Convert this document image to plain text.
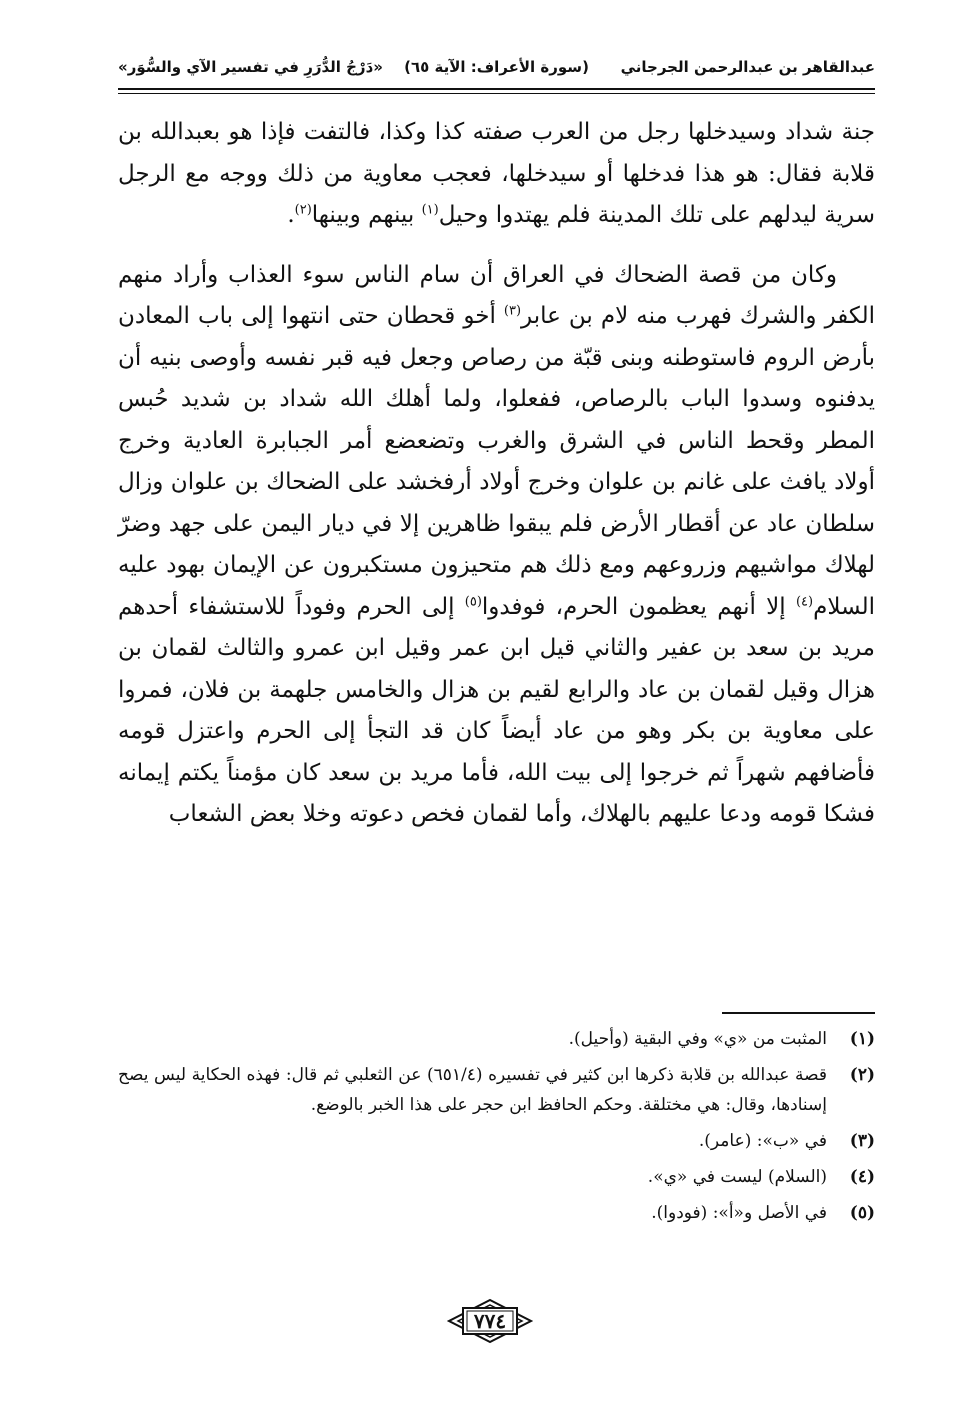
«دَرْجُ الدُّرَرِ في تفسير الآي والسُّوَر» (سورة الأعراف: الآية ٦٥) عبدالقاهر بن عبدالرحمن الجرجاني

جنة شداد وسيدخلها رجل من العرب صفته كذا وكذا، فالتفت فإذا هو بعبدالله بن قلابة فقال: هو هذا فدخلها أو سيدخلها، فعجب معاوية من ذلك ووجه مع الرجل سرية ليدلهم على تلك المدينة فلم يهتدوا وحيل$^{(١)}$ بينهم وبينها$^{(٢)}$.

وكان من قصة الضحاك في العراق أن سام الناس سوء العذاب وأراد منهم الكفر والشرك فهرب منه لام بن عابر$^{(٣)}$ أخو قحطان حتى انتهوا إلى باب المعادن بأرض الروم فاستوطنه وبنى قبّة من رصاص وجعل فيه قبر نفسه وأوصى بنيه أن يدفنوه وسدوا الباب بالرصاص، ففعلوا، ولما أهلك الله شداد بن شديد حُبس المطر وقحط الناس في الشرق والغرب وتضعضع أمر الجبابرة العادية وخرج أولاد يافث على غانم بن علوان وخرج أولاد أرفخشد على الضحاك بن علوان وزال سلطان عاد عن أقطار الأرض فلم يبقوا ظاهرين إلا في ديار اليمن على جهد وضرّ لهلاك مواشيهم وزروعهم ومع ذلك هم متحيزون مستكبرون عن الإيمان بهود عليه السلام$^{(٤)}$ إلا أنهم يعظمون الحرم، فوفدوا$^{(٥)}$ إلى الحرم وفوداً للاستشفاء أحدهم مريد بن سعد بن عفير والثاني قيل ابن عمر وقيل ابن عمرو والثالث لقمان بن هزال وقيل لقمان بن عاد والرابع لقيم بن هزال والخامس جلهمة بن فلان، فمروا على معاوية بن بكر وهو من عاد أيضاً كان قد التجأ إلى الحرم واعتزل قومه فأضافهم شهراً ثم خرجوا إلى بيت الله، فأما مريد بن سعد كان مؤمناً يكتم إيمانه فشكا قومه ودعا عليهم بالهلاك، وأما لقمان فخص دعوته وخلا بعض الشعاب

(١)
المثبت من «ي» وفي البقية (وأحيل).
(٢)
قصة عبدالله بن قلابة ذكرها ابن كثير في تفسيره (٦٥١/٤) عن الثعلبي ثم قال: فهذه الحكاية ليس يصح إسنادها، وقال: هي مختلقة. وحكم الحافظ ابن حجر على هذا الخبر بالوضع.
(٣)
في «ب»: (عامر).
(٤)
(السلام) ليست في «ي».
(٥)
في الأصل و«أ»: (فودوا).
٧٧٤
